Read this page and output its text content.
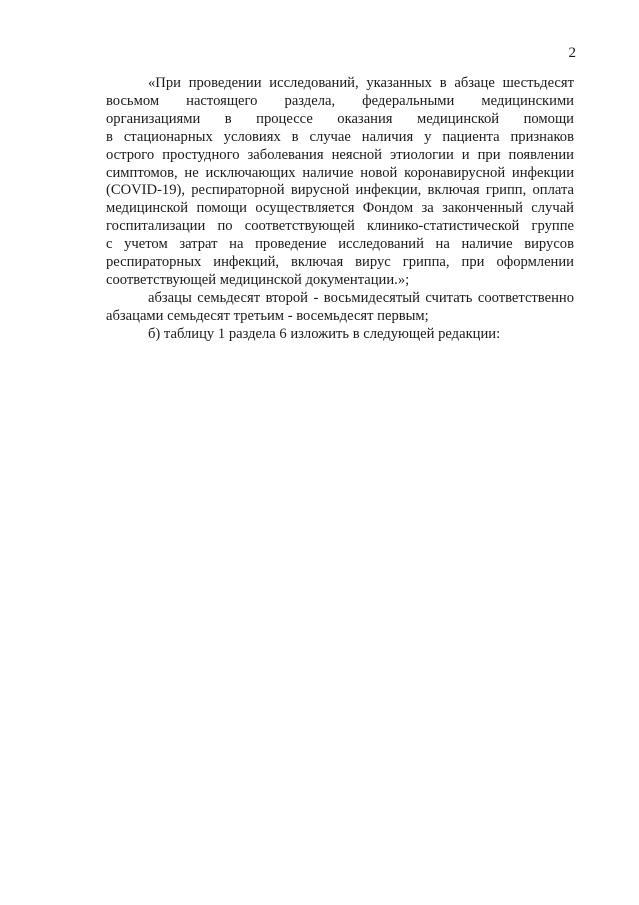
2
«При проведении исследований, указанных в абзаце шестьдесят
восьмом настоящего раздела, федеральными медицинскими
организациями в процессе оказания медицинской помощи
в стационарных условиях в случае наличия у пациента признаков
острого простудного заболевания неясной этиологии и при появлении
симптомов, не исключающих наличие новой коронавирусной инфекции
(COVID-19), респираторной вирусной инфекции, включая грипп, оплата
медицинской помощи осуществляется Фондом за законченный случай
госпитализации по соответствующей клинико-статистической группе
с учетом затрат на проведение исследований на наличие вирусов
респираторных инфекций, включая вирус гриппа, при оформлении
соответствующей медицинской документации.»;
абзацы семьдесят второй - восьмидесятый считать соответственно
абзацами семьдесят третьим - восемьдесят первым;
б) таблицу 1 раздела 6 изложить в следующей редакции:
